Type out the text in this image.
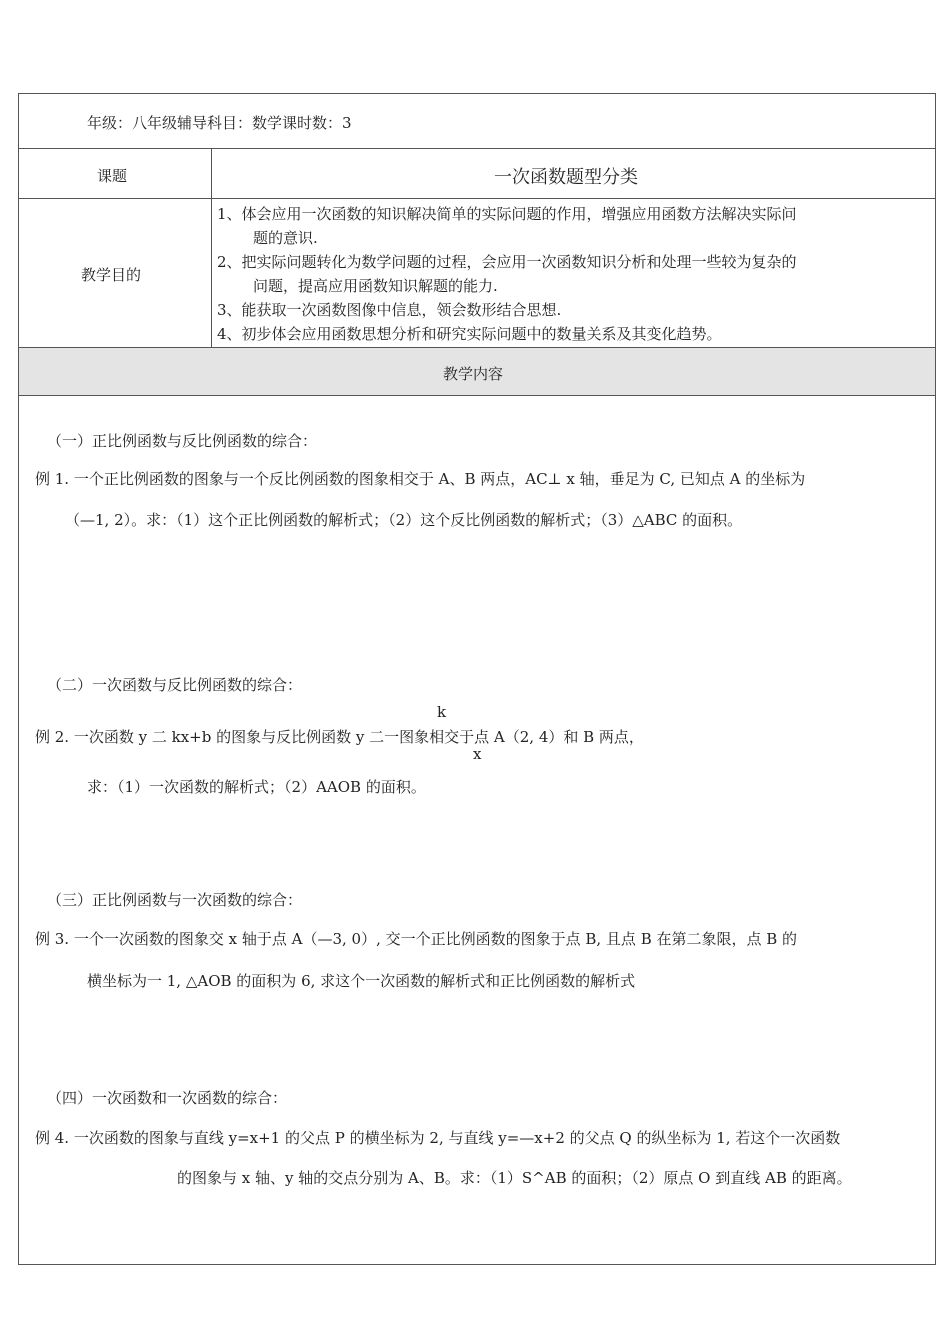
年级：八年级辅导科目：数学课时数：3
课题	一次函数题型分类
教学目的
1、体会应用一次函数的知识解决简单的实际问题的作用，增强应用函数方法解决实际问
题的意识.
2、把实际问题转化为数学问题的过程，会应用一次函数知识分析和处理一些较为复杂的
问题，提高应用函数知识解题的能力.
3、能获取一次函数图像中信息，领会数形结合思想.
4、初步体会应用函数思想分析和研究实际问题中的数量关系及其变化趋势。
教学内容
（一）正比例函数与反比例函数的综合：
例 1. 一个正比例函数的图象与一个反比例函数的图象相交于 A、B 两点，AC⊥ x 轴，垂足为 C, 已知点 A 的坐标为
（—1, 2）。求：（1）这个正比例函数的解析式；（2）这个反比例函数的解析式；（3）△ABC 的面积。
（二）一次函数与反比例函数的综合：
k
例 2. 一次函数 y 二 kx+b 的图象与反比例函数 y 二一图象相交于点 A（2, 4）和 B 两点，
x
求：（1）一次函数的解析式；（2）AAOB 的面积。
（三）正比例函数与一次函数的综合：
例 3. 一个一次函数的图象交 x 轴于点 A（—3, 0）, 交一个正比例函数的图象于点 B, 且点 B 在第二象限，点 B 的
横坐标为一 1, △AOB 的面积为 6, 求这个一次函数的解析式和正比例函数的解析式
（四）一次函数和一次函数的综合：
例 4. 一次函数的图象与直线 y=x+1 的父点 P 的横坐标为 2, 与直线 y=—x+2 的父点 Q 的纵坐标为 1, 若这个一次函数
的图象与 x 轴、y 轴的交点分别为 A、B。求：（1）S^AB 的面积；（2）原点 O 到直线 AB 的距离。
